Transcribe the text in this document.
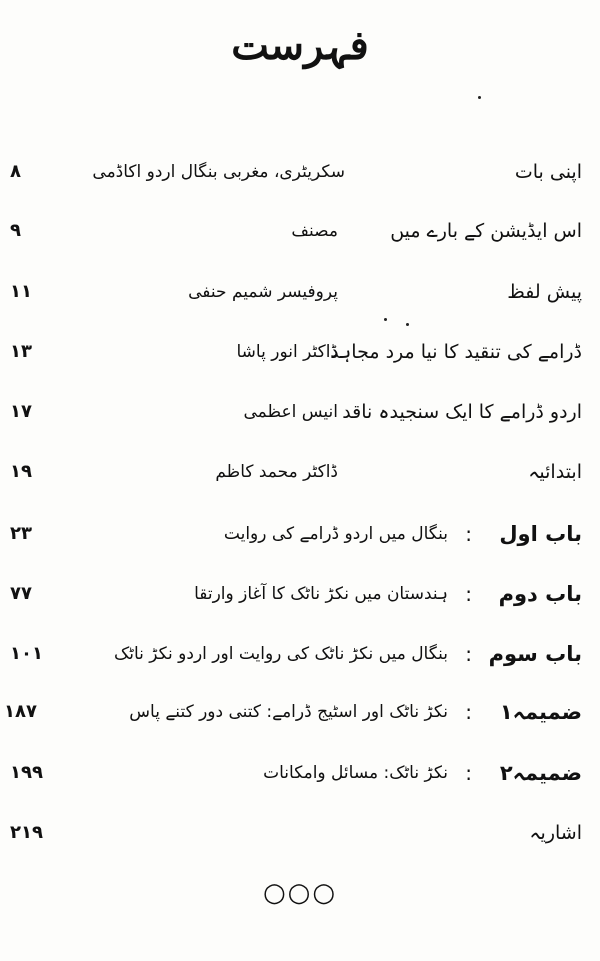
فہرست
اپنی بات
سکریٹری، مغربی بنگال اردو اکاڈمی
۸
اس ایڈیشن کے بارے میں
مصنف
۹
پیش لفظ
پروفیسر شمیم حنفی
۱۱
ڈرامے کی تنقید کا نیا مرد مجاہد
ڈاکٹر انور پاشا
۱۳
اردو ڈرامے کا ایک سنجیدہ ناقد
انیس اعظمی
۱۷
ابتدائیہ
ڈاکٹر محمد کاظم
۱۹
باب اول
:
بنگال میں اردو ڈرامے کی روایت
۲۳
باب دوم
:
ہندستان میں نکڑ ناٹک کا آغاز وارتقا
۷۷
باب سوم
:
بنگال میں نکڑ ناٹک کی روایت اور اردو نکڑ ناٹک
۱۰۱
ضمیمہ۱
:
نکڑ ناٹک اور اسٹیج ڈرامے: کتنی دور کتنے پاس
۱۸۷
ضمیمہ۲
:
نکڑ ناٹک: مسائل وامکانات
۱۹۹
اشاریہ
۲۱۹
○○○
